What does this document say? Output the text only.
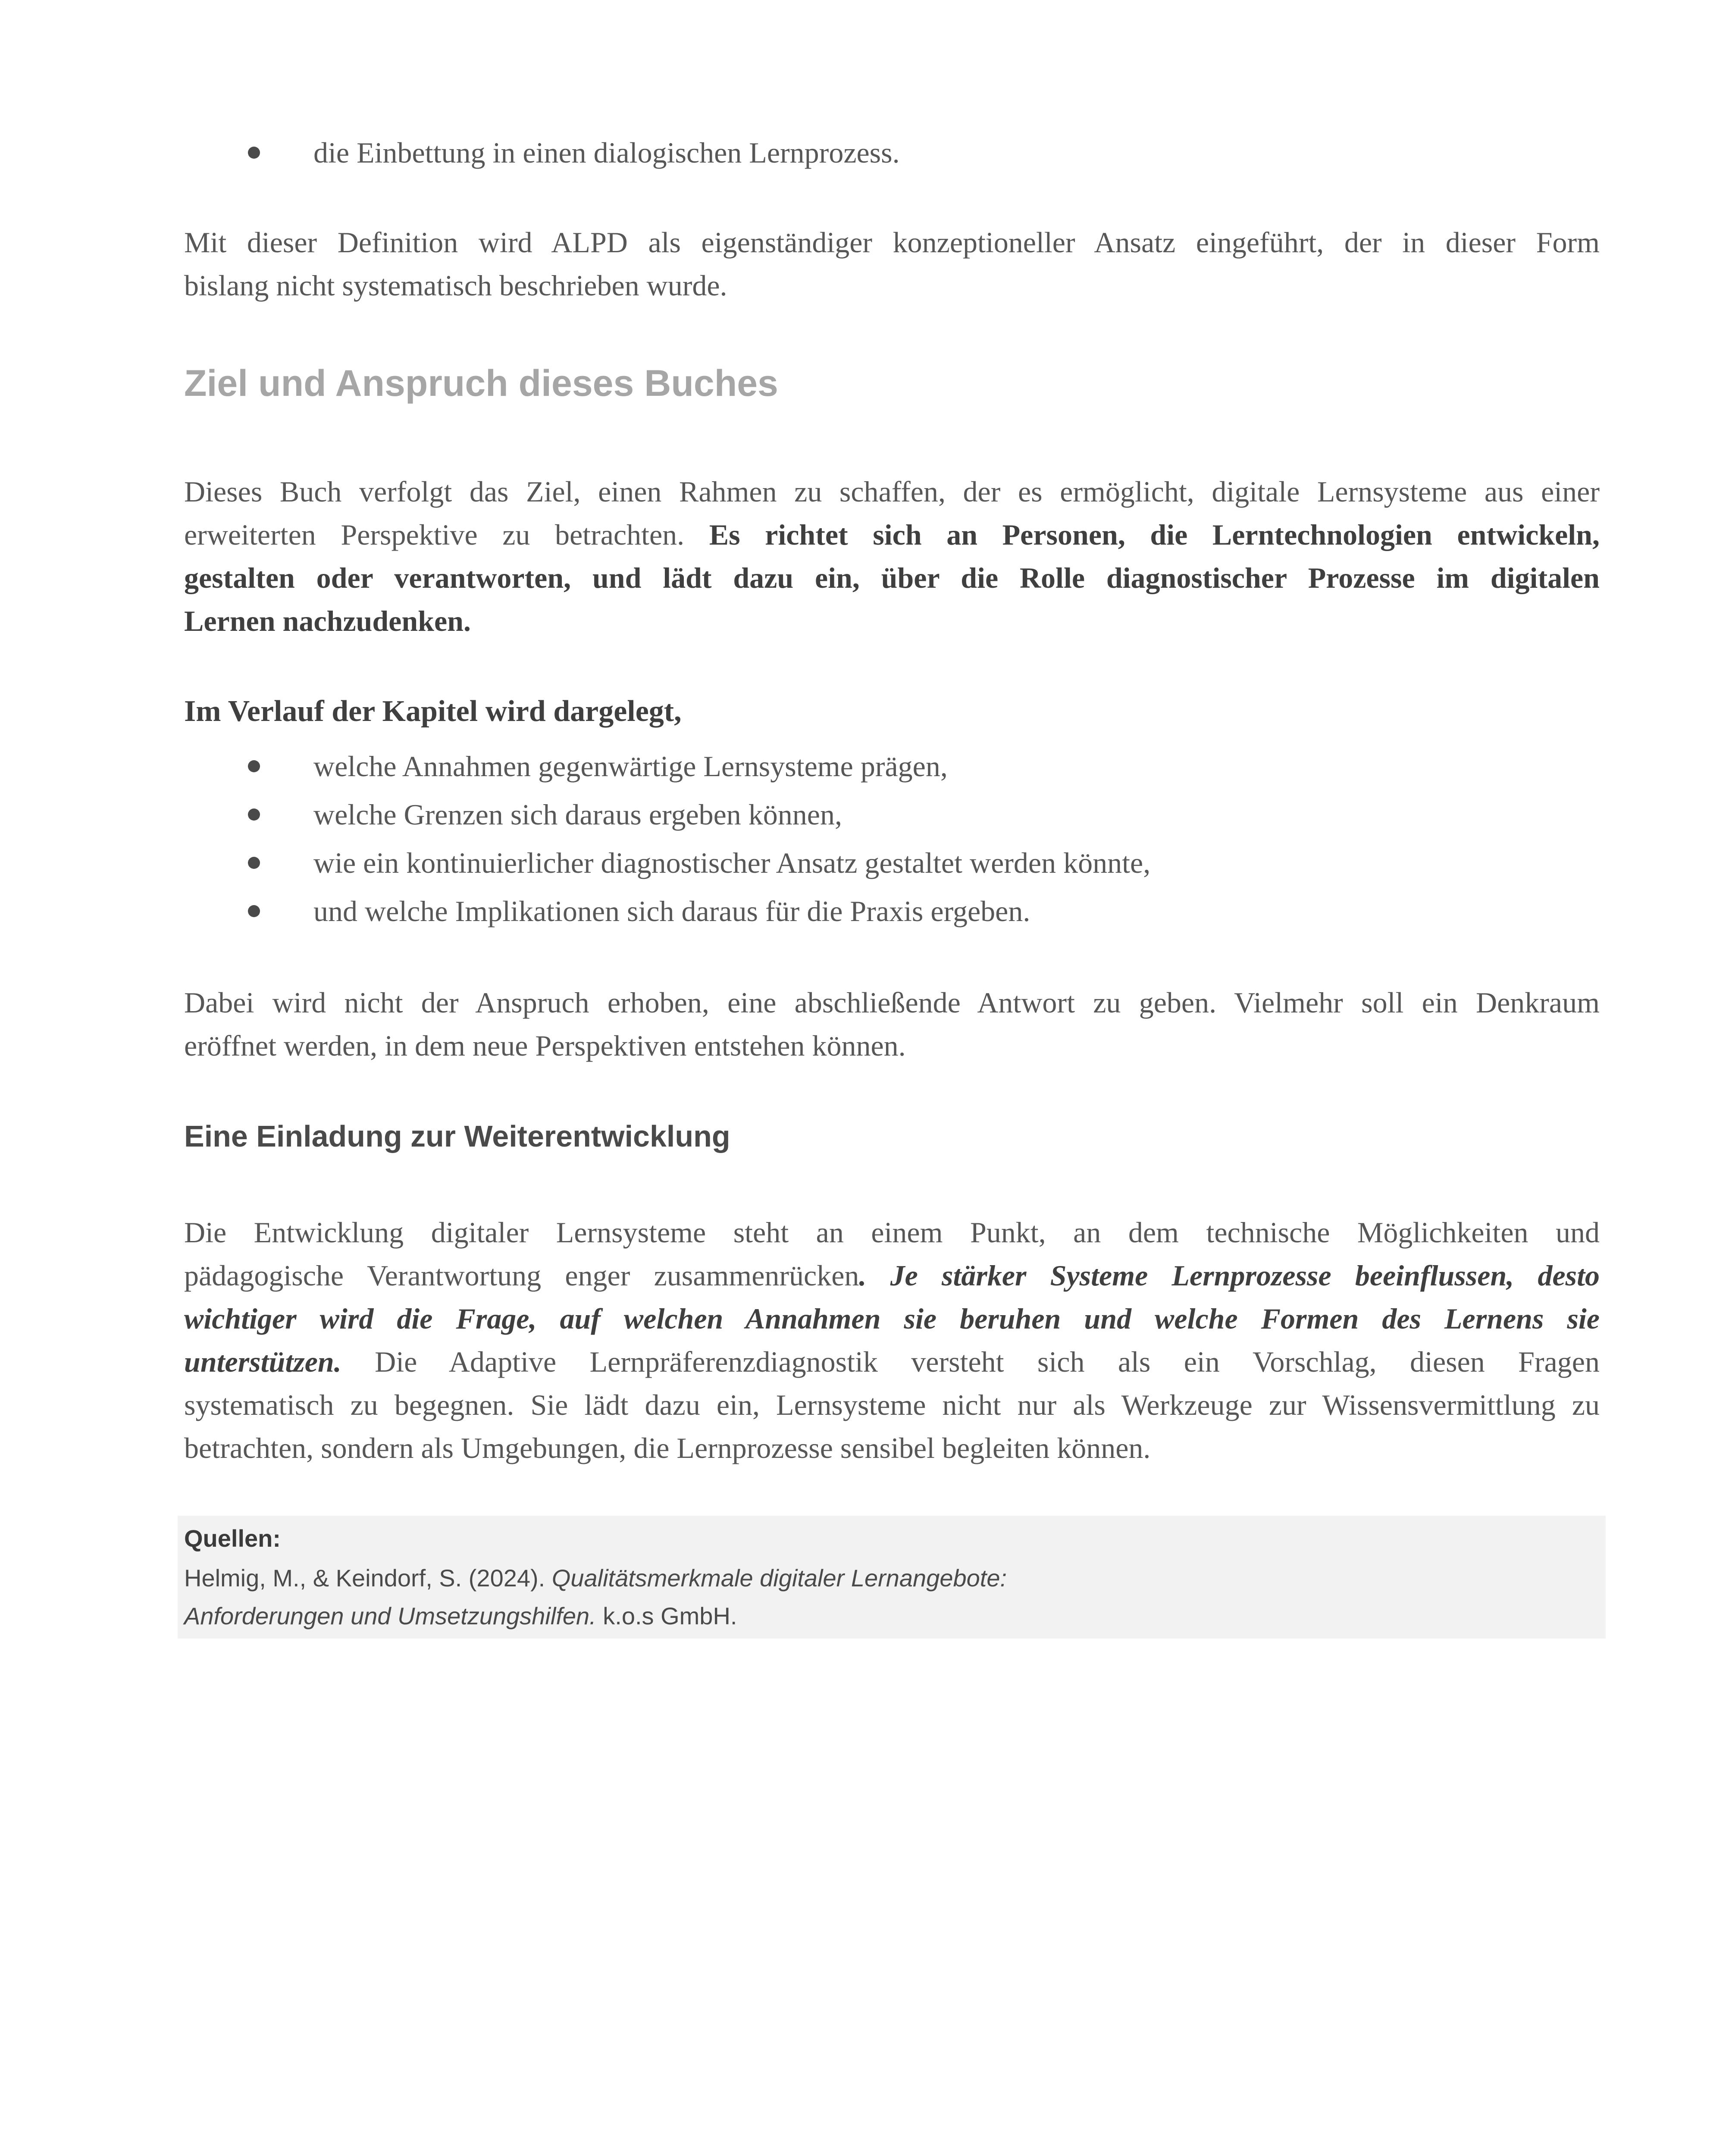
die Einbettung in einen dialogischen Lernprozess.
Mit dieser Definition wird ALPD als eigenständiger konzeptioneller Ansatz eingeführt, der in dieser Form
bislang nicht systematisch beschrieben wurde.
Ziel und Anspruch dieses Buches
Dieses Buch verfolgt das Ziel, einen Rahmen zu schaffen, der es ermöglicht, digitale Lernsysteme aus einer
erweiterten Perspektive zu betrachten. Es richtet sich an Personen, die Lerntechnologien entwickeln,
gestalten oder verantworten, und lädt dazu ein, über die Rolle diagnostischer Prozesse im digitalen
Lernen nachzudenken.
Im Verlauf der Kapitel wird dargelegt,
welche Annahmen gegenwärtige Lernsysteme prägen,
welche Grenzen sich daraus ergeben können,
wie ein kontinuierlicher diagnostischer Ansatz gestaltet werden könnte,
und welche Implikationen sich daraus für die Praxis ergeben.
Dabei wird nicht der Anspruch erhoben, eine abschließende Antwort zu geben. Vielmehr soll ein Denkraum
eröffnet werden, in dem neue Perspektiven entstehen können.
Eine Einladung zur Weiterentwicklung
Die Entwicklung digitaler Lernsysteme steht an einem Punkt, an dem technische Möglichkeiten und
pädagogische Verantwortung enger zusammenrücken. Je stärker Systeme Lernprozesse beeinflussen, desto
wichtiger wird die Frage, auf welchen Annahmen sie beruhen und welche Formen des Lernens sie
unterstützen. Die Adaptive Lernpräferenzdiagnostik versteht sich als ein Vorschlag, diesen Fragen
systematisch zu begegnen. Sie lädt dazu ein, Lernsysteme nicht nur als Werkzeuge zur Wissensvermittlung zu
betrachten, sondern als Umgebungen, die Lernprozesse sensibel begleiten können.
Quellen:
Helmig, M., & Keindorf, S. (2024). Qualitätsmerkmale digitaler Lernangebote:
Anforderungen und Umsetzungshilfen. k.o.s GmbH.
